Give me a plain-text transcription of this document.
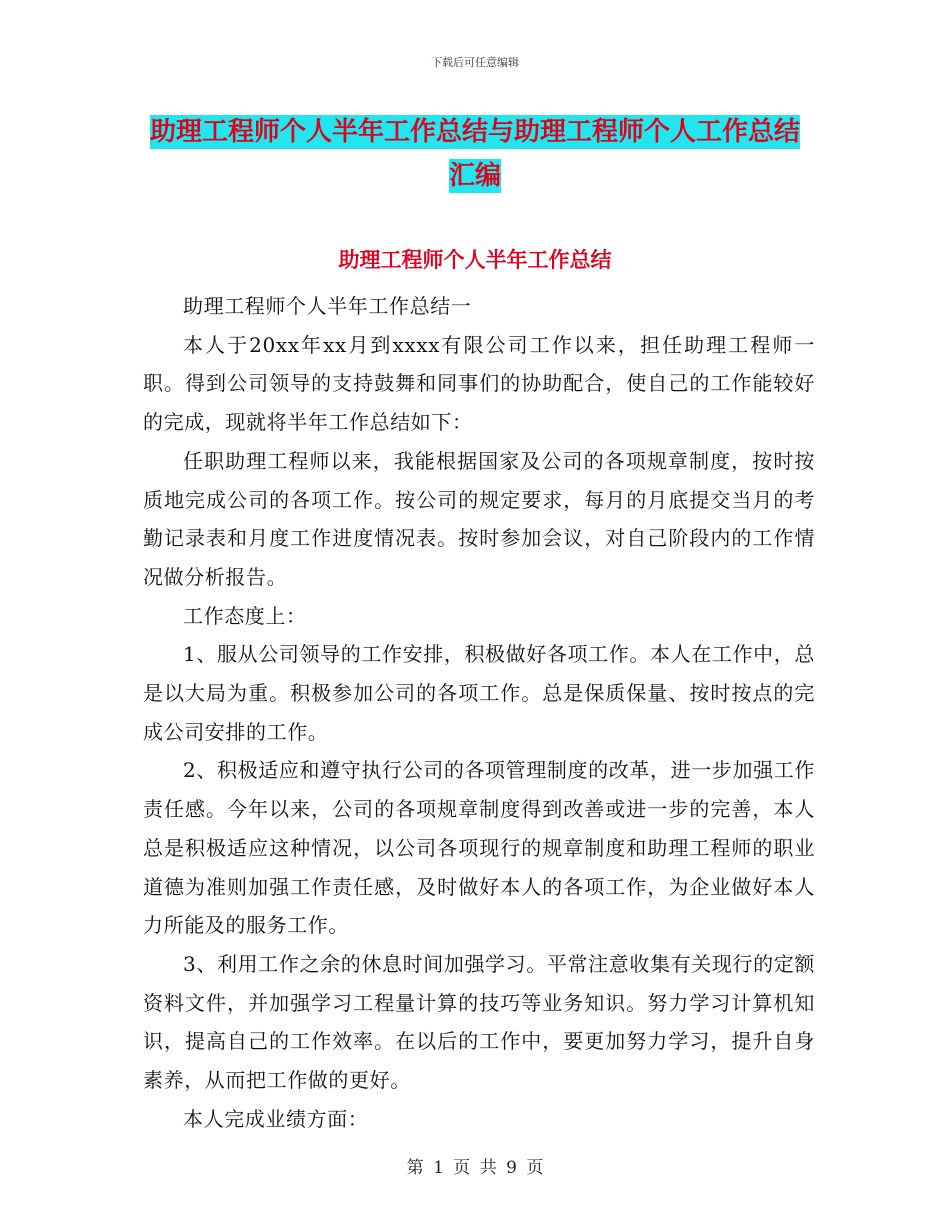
下载后可任意编辑
助理工程师个人半年工作总结与助理工程师个人工作总结汇编
助理工程师个人半年工作总结

助理工程师个人半年工作总结一

本人于20xx年xx月到xxxx有限公司工作以来，担任助理工程师一职。得到公司领导的支持鼓舞和同事们的协助配合，使自己的工作能较好的完成，现就将半年工作总结如下：

任职助理工程师以来，我能根据国家及公司的各项规章制度，按时按质地完成公司的各项工作。按公司的规定要求，每月的月底提交当月的考勤记录表和月度工作进度情况表。按时参加会议，对自己阶段内的工作情况做分析报告。

工作态度上：

1、服从公司领导的工作安排，积极做好各项工作。本人在工作中，总是以大局为重。积极参加公司的各项工作。总是保质保量、按时按点的完成公司安排的工作。

2、积极适应和遵守执行公司的各项管理制度的改革，进一步加强工作责任感。今年以来，公司的各项规章制度得到改善或进一步的完善，本人总是积极适应这种情况，以公司各项现行的规章制度和助理工程师的职业道德为准则加强工作责任感，及时做好本人的各项工作，为企业做好本人力所能及的服务工作。

3、利用工作之余的休息时间加强学习。平常注意收集有关现行的定额资料文件，并加强学习工程量计算的技巧等业务知识。努力学习计算机知识，提高自己的工作效率。在以后的工作中，要更加努力学习，提升自身素养，从而把工作做的更好。

本人完成业绩方面：

第 1 页 共 9 页
